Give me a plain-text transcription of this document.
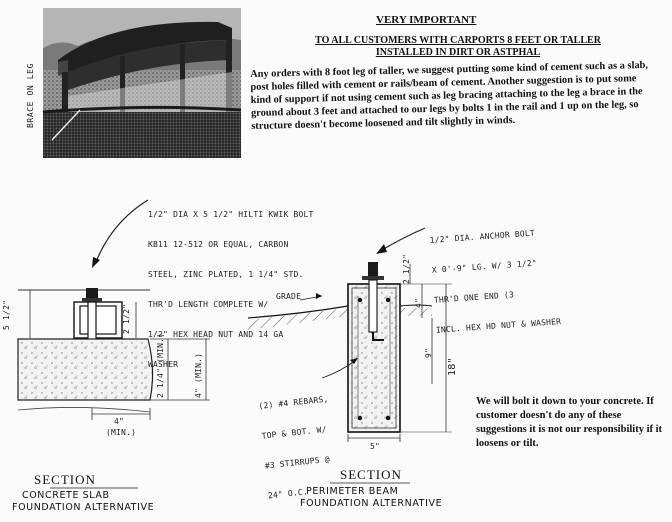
BRACE ON LEG
VERY IMPORTANT
TO ALL CUSTOMERS WITH CARPORTS 8 FEET OR TALLER
INSTALLED IN DIRT OR ASTPHAL
Any orders with 8 foot leg of taller, we suggest putting some kind of cement such as a slab, post holes filled with cement or rails/beam of cement. Another suggestion is to put some kind of support if not using cement such as leg bracing attaching to the leg a brace in the ground about 3 feet and attached to our legs by bolts 1 in the rail and 1 up on the leg, so structure doesn't become loosened and tilt slightly in winds.

1/2" DIA X 5 1/2" HILTI KWIK BOLT

KB11 12-512 OR EQUAL, CARBON

STEEL, ZINC PLATED, 1 1/4" STD.

THR'D LENGTH COMPLETE W/

1/2" HEX HEAD NUT AND 14 GA

WASHER

5 1/2"	2 1/2"
2 1/4" (MIN.)	4" (MIN.)
4"
(MIN.)
SECTION
CONCRETE SLAB
FOUNDATION ALTERNATIVE

1/2" DIA. ANCHOR BOLT

X 0'-9" LG. W/ 3 1/2"

THR'D ONE END (3

INCL. HEX HD NUT & WASHER

GRADE

(2) #4 REBARS,

TOP & BOT. W/

#3 STIRRUPS @

24" O.C.

2 1/2"
4"
9"
18"
5"
SECTION
PERIMETER BEAM
FOUNDATION ALTERNATIVE
We will bolt it down to your concrete. If customer doesn't do any of these suggestions it is not our responsibility if it loosens or tilt.
